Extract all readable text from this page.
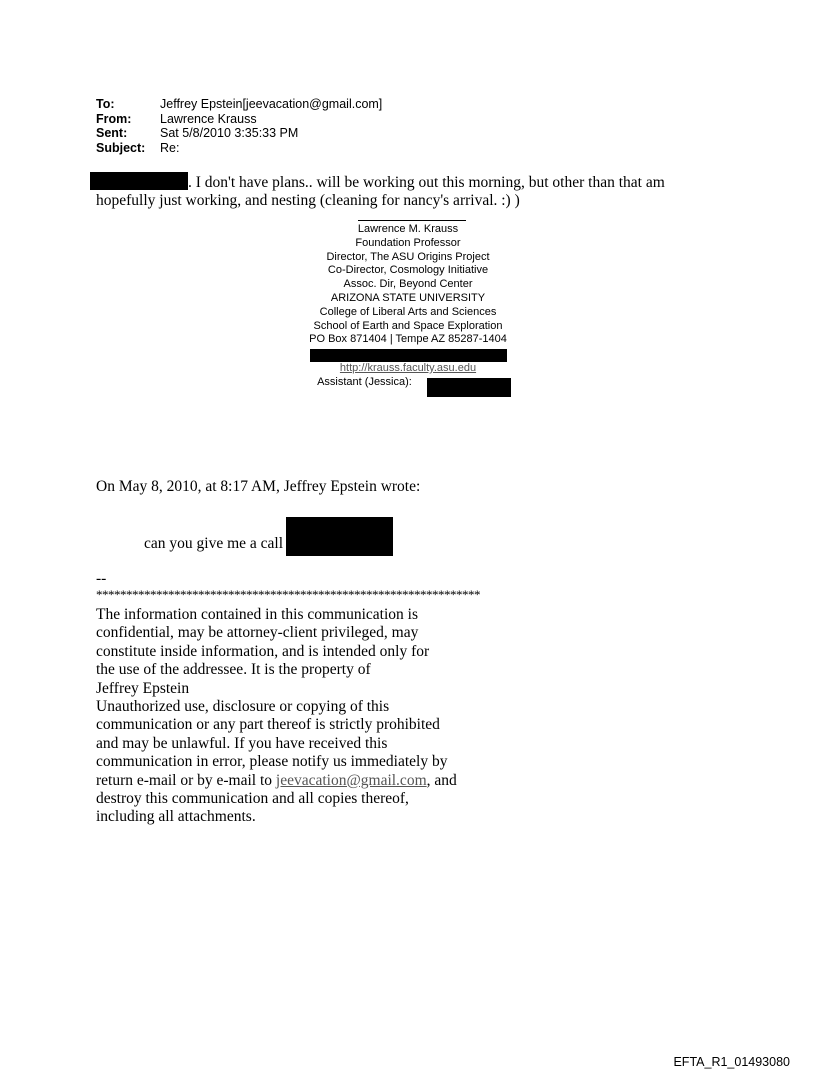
To:	Jeffrey Epstein[jeevacation@gmail.com]
From:	Lawrence Krauss
Sent:	Sat 5/8/2010 3:35:33 PM
Subject:	Re:
. I don't have plans.. will be working out this morning, but other than that am
hopefully just working, and nesting (cleaning for nancy's arrival. :) )
Lawrence M. Krauss
Foundation Professor
Director, The ASU Origins Project
Co-Director, Cosmology Initiative
Assoc. Dir, Beyond Center
ARIZONA STATE UNIVERSITY
College of Liberal Arts and Sciences
School of Earth and Space Exploration
PO Box 871404 | Tempe AZ 85287-1404
http://krauss.faculty.asu.edu
Assistant (Jessica):
On May 8, 2010, at 8:17 AM, Jeffrey Epstein wrote:
can you give me a call
--
****************************************************************
The information contained in this communication is
confidential, may be attorney-client privileged, may
constitute inside information, and is intended only for
the use of the addressee. It is the property of
Jeffrey Epstein
Unauthorized use, disclosure or copying of this
communication or any part thereof is strictly prohibited
and may be unlawful. If you have received this
communication in error, please notify us immediately by
return e-mail or by e-mail to jeevacation@gmail.com, and
destroy this communication and all copies thereof,
including all attachments.
EFTA_R1_01493080
